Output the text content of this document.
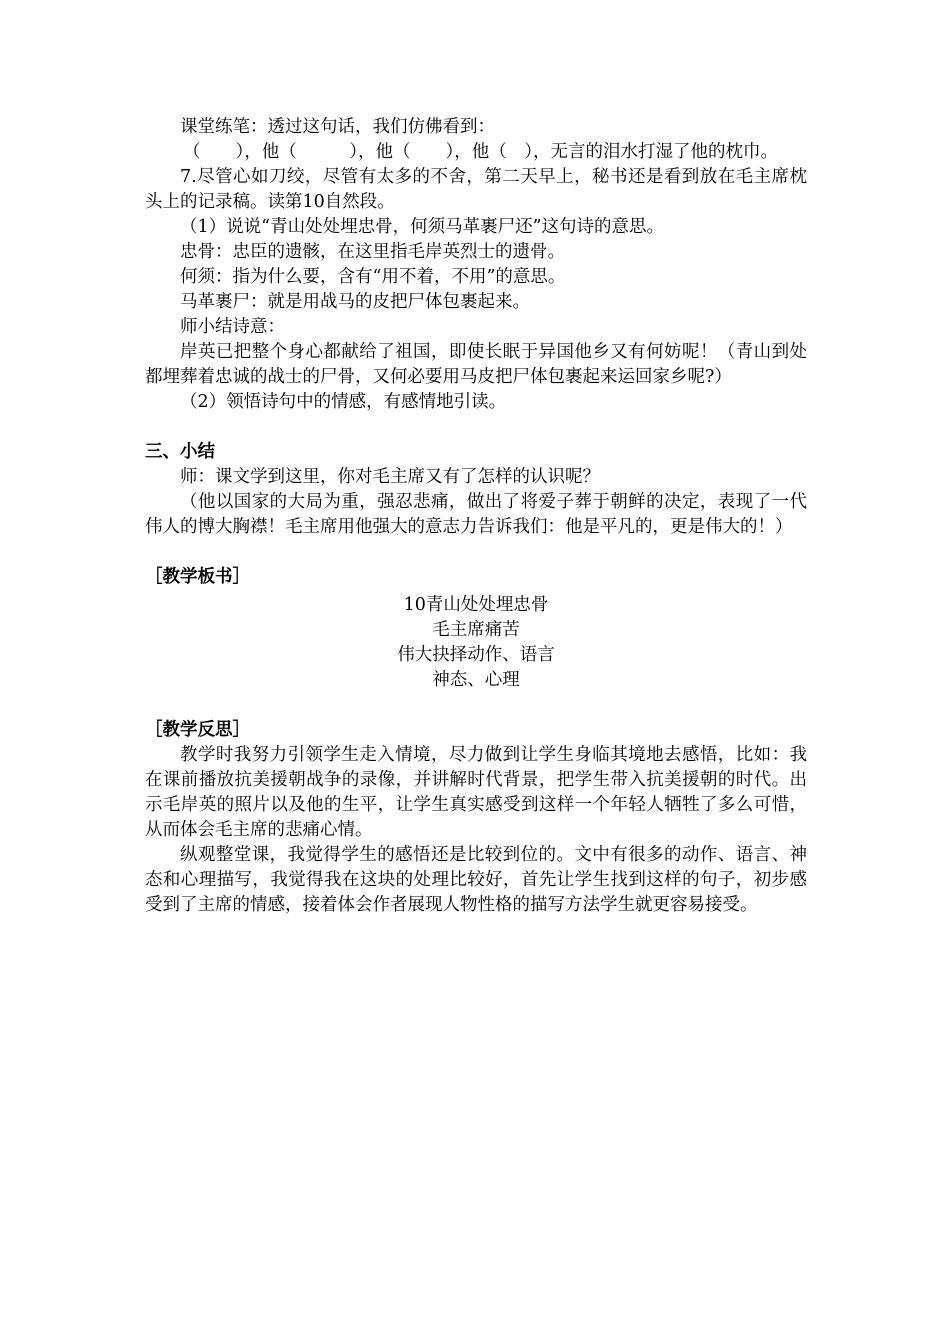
课堂练笔：透过这句话，我们仿佛看到：

（　　），他（　　　），他（　　），他（　），无言的泪水打湿了他的枕巾。

7.尽管心如刀绞，尽管有太多的不舍，第二天早上，秘书还是看到放在毛主席枕头上的记录稿。读第10自然段。

（1）说说“青山处处埋忠骨，何须马革裹尸还”这句诗的意思。

忠骨：忠臣的遗骸，在这里指毛岸英烈士的遗骨。

何须：指为什么要，含有“用不着，不用”的意思。

马革裹尸：就是用战马的皮把尸体包裹起来。

师小结诗意：

岸英已把整个身心都献给了祖国，即使长眠于异国他乡又有何妨呢！（青山到处都埋葬着忠诚的战士的尸骨，又何必要用马皮把尸体包裹起来运回家乡呢?）

（2）领悟诗句中的情感，有感情地引读。

三、小结

师：课文学到这里，你对毛主席又有了怎样的认识呢？

（他以国家的大局为重，强忍悲痛，做出了将爱子葬于朝鲜的决定，表现了一代伟人的博大胸襟！毛主席用他强大的意志力告诉我们：他是平凡的，更是伟大的！）

［教学板书］

10青山处处埋忠骨

毛主席痛苦

伟大抉择动作、语言

神态、心理

［教学反思］

教学时我努力引领学生走入情境，尽力做到让学生身临其境地去感悟，比如：我在课前播放抗美援朝战争的录像，并讲解时代背景，把学生带入抗美援朝的时代。出示毛岸英的照片以及他的生平，让学生真实感受到这样一个年轻人牺牲了多么可惜，从而体会毛主席的悲痛心情。

纵观整堂课，我觉得学生的感悟还是比较到位的。文中有很多的动作、语言、神态和心理描写，我觉得我在这块的处理比较好，首先让学生找到这样的句子，初步感受到了主席的情感，接着体会作者展现人物性格的描写方法学生就更容易接受。
